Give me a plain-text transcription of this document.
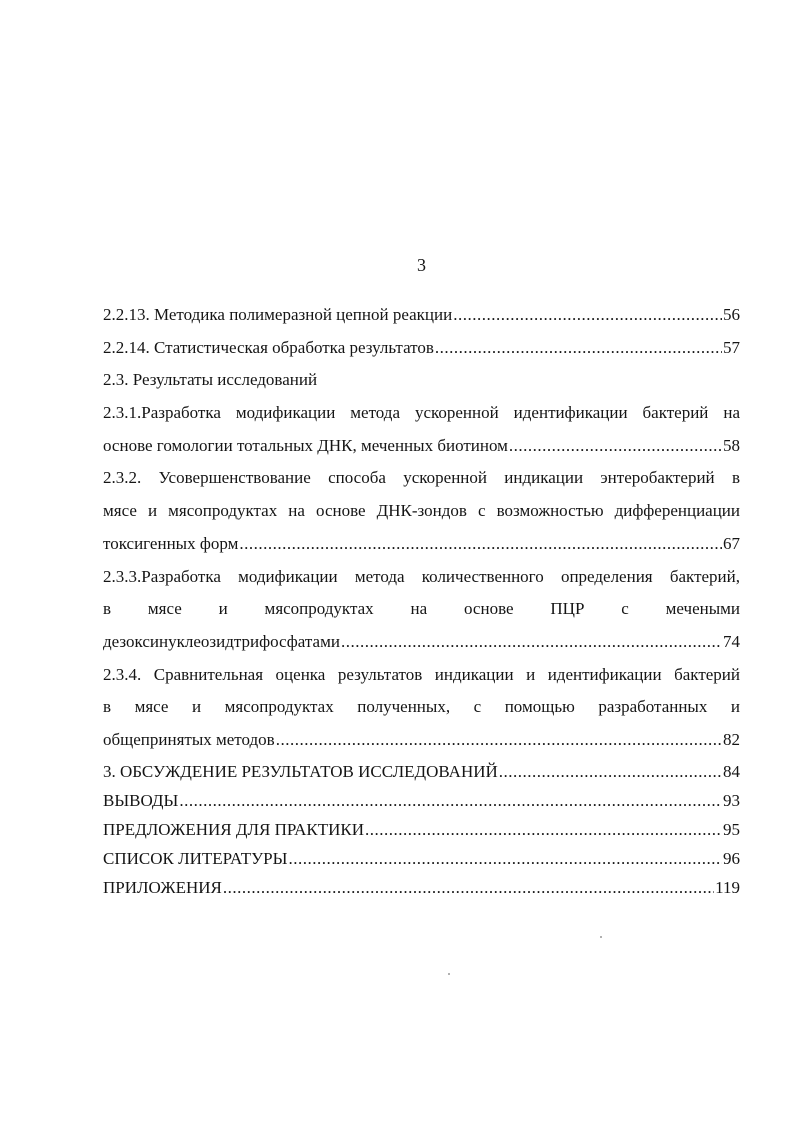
3
2.2.13. Методика полимеразной цепной реакции .....	56
2.2.14. Статистическая обработка результатов .....	57
2.3. Результаты исследований
2.3.1.Разработка модификации метода ускоренной идентификации бактерий на
основе гомологии тотальных ДНК, меченных биотином .....	58
2.3.2. Усовершенствование способа ускоренной индикации энтеробактерий в
мясе и мясопродуктах на основе ДНК-зондов с возможностью дифференциации
токсигенных форм .....	67
2.3.3.Разработка модификации метода количественного определения бактерий,
в мясе и мясопродуктах на основе ПЦР с мечеными
дезоксинуклеозидтрифосфатами .....	74
2.3.4. Сравнительная оценка результатов индикации и идентификации бактерий
в мясе и мясопродуктах полученных, с помощью разработанных и
общепринятых методов .....	82
3. ОБСУЖДЕНИЕ РЕЗУЛЬТАТОВ ИССЛЕДОВАНИЙ .....	84
ВЫВОДЫ .....	93
ПРЕДЛОЖЕНИЯ ДЛЯ ПРАКТИКИ .....	95
СПИСОК ЛИТЕРАТУРЫ .....	96
ПРИЛОЖЕНИЯ .....	119
